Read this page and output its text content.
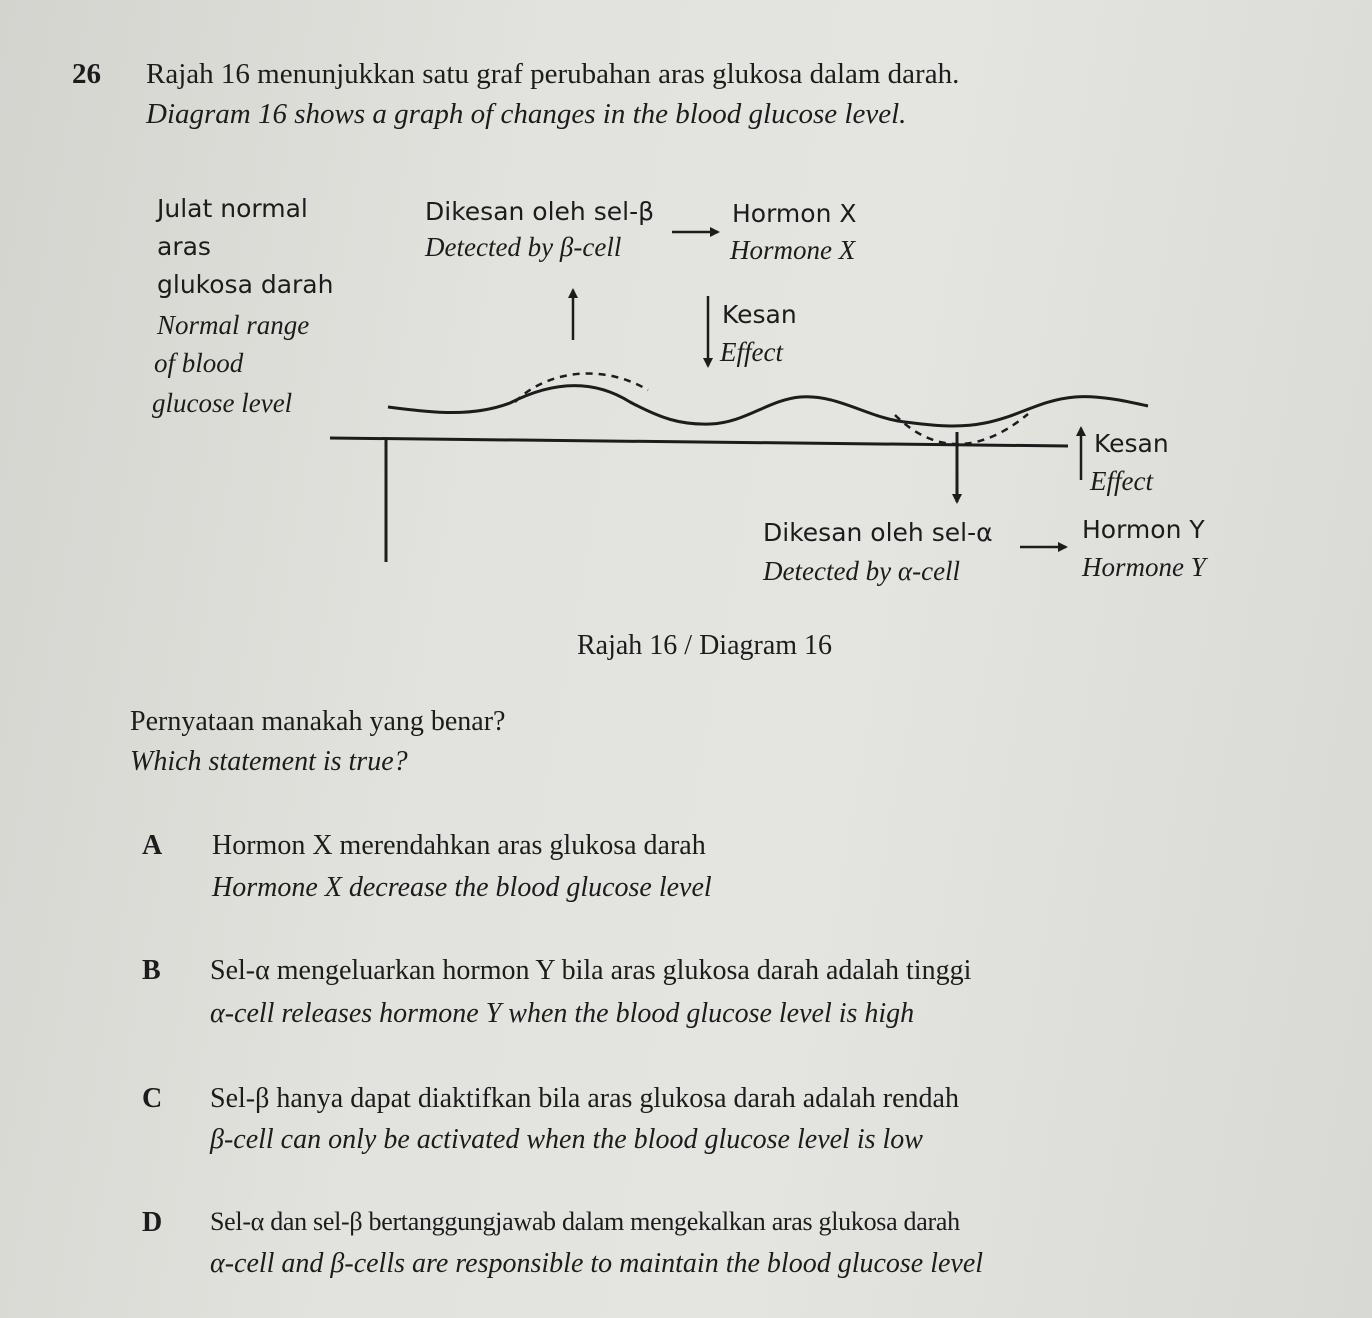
26 Rajah 16 menunjukkan satu graf perubahan aras glukosa dalam darah.
Diagram 16 shows a graph of changes in the blood glucose level.
Julat normal
aras
glukosa darah
Normal range
of blood
glucose level
Dikesan oleh sel-β
Detected by β-cell
Hormon X
Hormone X
Kesan
Effect
Kesan
Effect
Dikesan oleh sel-α
Detected by α-cell
Hormon Y
Hormone Y
Rajah 16 / Diagram 16
Pernyataan manakah yang benar?
Which statement is true?
A Hormon X merendahkan aras glukosa darah
Hormone X decrease the blood glucose level
B Sel-α mengeluarkan hormon Y bila aras glukosa darah adalah tinggi
α-cell releases hormone Y when the blood glucose level is high
C Sel-β hanya dapat diaktifkan bila aras glukosa darah adalah rendah
β-cell can only be activated when the blood glucose level is low
D Sel-α dan sel-β bertanggungjawab dalam mengekalkan aras glukosa darah
α-cell and β-cells are responsible to maintain the blood glucose level
